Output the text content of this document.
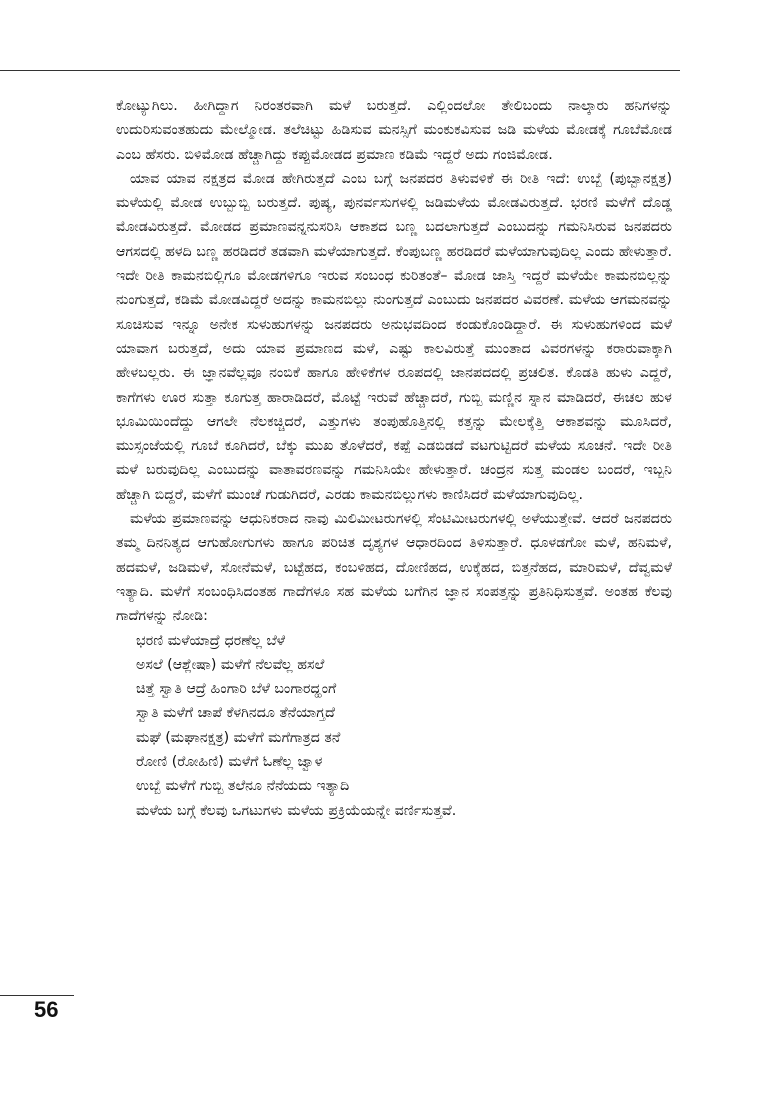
ಕೋಟ್ಯುಗಿಲು. ಹೀಗಿದ್ದಾಗ ನಿರಂತರವಾಗಿ ಮಳೆ ಬರುತ್ತದೆ. ಎಲ್ಲಿಂದಲೋ ತೇಲಿಬಂದು ನಾಲ್ಕಾರು ಹನಿಗಳನ್ನು ಉದುರಿಸುವಂತಹುದು ಮೇಲ್ಮೋಡ. ತಲೆಚಿಟ್ಟು ಹಿಡಿಸುವ ಮನಸ್ಸಿಗೆ ಮಂಕುಕವಿಸುವ ಜಡಿ ಮಳೆಯ ಮೋಡಕ್ಕೆ ಗೂಬೆಮೋಡ ಎಂಬ ಹೆಸರು. ಬಿಳಿಮೋಡ ಹೆಚ್ಚಾಗಿದ್ದು ಕಪ್ಪುಮೋಡದ ಪ್ರಮಾಣ ಕಡಿಮೆ ಇದ್ದರೆ ಅದು ಗಂಜಿಮೋಡ.

ಯಾವ ಯಾವ ನಕ್ಷತ್ರದ ಮೋಡ ಹೇಗಿರುತ್ತದೆ ಎಂಬ ಬಗ್ಗೆ ಜನಪದರ ತಿಳುವಳಿಕೆ ಈ ರೀತಿ ಇದೆ: ಉಬ್ಬೆ (ಪುಬ್ಬಾನಕ್ಷತ್ರ) ಮಳೆಯಲ್ಲಿ ಮೋಡ ಉಬ್ಬುಬ್ಬಿ ಬರುತ್ತದೆ. ಪುಷ್ಯ, ಪುನರ್ವಸುಗಳಲ್ಲಿ ಜಡಿಮಳೆಯ ಮೋಡವಿರುತ್ತದೆ. ಭರಣಿ ಮಳೆಗೆ ದೊಡ್ಡ ಮೋಡವಿರುತ್ತದೆ. ಮೋಡದ ಪ್ರಮಾಣವನ್ನನುಸರಿಸಿ ಆಕಾಶದ ಬಣ್ಣ ಬದಲಾಗುತ್ತದೆ ಎಂಬುದನ್ನು ಗಮನಿಸಿರುವ ಜನಪದರು ಆಗಸದಲ್ಲಿ ಹಳದಿ ಬಣ್ಣ ಹರಡಿದರೆ ತಡವಾಗಿ ಮಳೆಯಾಗುತ್ತದೆ. ಕೆಂಪುಬಣ್ಣ ಹರಡಿದರೆ ಮಳೆಯಾಗುವುದಿಲ್ಲ ಎಂದು ಹೇಳುತ್ತಾರೆ. ಇದೇ ರೀತಿ ಕಾಮನಬಿಲ್ಲಿಗೂ ಮೋಡಗಳಿಗೂ ಇರುವ ಸಂಬಂಧ ಕುರಿತಂತೆ– ಮೋಡ ಜಾಸ್ತಿ ಇದ್ದರೆ ಮಳೆಯೇ ಕಾಮನಬಿಲ್ಲನ್ನು ನುಂಗುತ್ತದೆ, ಕಡಿಮೆ ಮೋಡವಿದ್ದರೆ ಅದನ್ನು ಕಾಮನಬಿಲ್ಲು ನುಂಗುತ್ತದೆ ಎಂಬುದು ಜನಪದರ ವಿವರಣೆ. ಮಳೆಯ ಆಗಮನವನ್ನು ಸೂಚಿಸುವ ಇನ್ನೂ ಅನೇಕ ಸುಳುಹುಗಳನ್ನು ಜನಪದರು ಅನುಭವದಿಂದ ಕಂಡುಕೊಂಡಿದ್ದಾರೆ. ಈ ಸುಳುಹುಗಳಿಂದ ಮಳೆ ಯಾವಾಗ ಬರುತ್ತದೆ, ಅದು ಯಾವ ಪ್ರಮಾಣದ ಮಳೆ, ಎಷ್ಟು ಕಾಲವಿರುತ್ತೆ ಮುಂತಾದ ವಿವರಗಳನ್ನು ಕರಾರುವಾಕ್ಕಾಗಿ ಹೇಳಬಲ್ಲರು. ಈ ಜ್ಞಾನವೆಲ್ಲವೂ ನಂಬಿಕೆ ಹಾಗೂ ಹೇಳಿಕೆಗಳ ರೂಪದಲ್ಲಿ ಜಾನಪದದಲ್ಲಿ ಪ್ರಚಲಿತ. ಕೊಡತಿ ಹುಳು ಎದ್ದರೆ, ಕಾಗೆಗಳು ಊರ ಸುತ್ತಾ ಕೂಗುತ್ತ ಹಾರಾಡಿದರೆ, ಮೊಟ್ಟೆ ಇರುವೆ ಹೆಚ್ಚಾದರೆ, ಗುಬ್ಬಿ ಮಣ್ಣಿನ ಸ್ನಾನ ಮಾಡಿದರೆ, ಈಚಲ ಹುಳ ಭೂಮಿಯಿಂದೆದ್ದು ಆಗಲೇ ನೆಲಕಚ್ಚಿದರೆ, ಎತ್ತುಗಳು ತಂಪುಹೊತ್ತಿನಲ್ಲಿ ಕತ್ತನ್ನು ಮೇಲಕ್ಕೆತ್ತಿ ಆಕಾಶವನ್ನು ಮೂಸಿದರೆ, ಮುಸ್ಸಂಜೆಯಲ್ಲಿ ಗೂಬೆ ಕೂಗಿದರೆ, ಬೆಕ್ಕು ಮುಖ ತೊಳೆದರೆ, ಕಪ್ಪೆ ಎಡಬಿಡದೆ ವಟಗುಟ್ಟಿದರೆ ಮಳೆಯ ಸೂಚನೆ. ಇದೇ ರೀತಿ ಮಳೆ ಬರುವುದಿಲ್ಲ ಎಂಬುದನ್ನು ವಾತಾವರಣವನ್ನು ಗಮನಿಸಿಯೇ ಹೇಳುತ್ತಾರೆ. ಚಂದ್ರನ ಸುತ್ತ ಮಂಡಲ ಬಂದರೆ, ಇಬ್ಬನಿ ಹೆಚ್ಚಾಗಿ ಬಿದ್ದರೆ, ಮಳೆಗೆ ಮುಂಚೆ ಗುಡುಗಿದರೆ, ಎರಡು ಕಾಮನಬಿಲ್ಲುಗಳು ಕಾಣಿಸಿದರೆ ಮಳೆಯಾಗುವುದಿಲ್ಲ.

ಮಳೆಯ ಪ್ರಮಾಣವನ್ನು ಆಧುನಿಕರಾದ ನಾವು ಮಿಲಿಮೀಟರುಗಳಲ್ಲಿ ಸೆಂಟಿಮೀಟರುಗಳಲ್ಲಿ ಅಳೆಯುತ್ತೇವೆ. ಆದರೆ ಜನಪದರು ತಮ್ಮ ದಿನನಿತ್ಯದ ಆಗುಹೋಗುಗಳು ಹಾಗೂ ಪರಿಚಿತ ದೃಶ್ಯಗಳ ಆಧಾರದಿಂದ ತಿಳಿಸುತ್ತಾರೆ. ಧೂಳಡಗೋ ಮಳೆ, ಹನಿಮಳೆ, ಹದಮಳೆ, ಜಡಿಮಳೆ, ಸೋನೆಮಳೆ, ಬಟ್ಟೆಹದ, ಕಂಬಳಿಹದ, ದೋಣಿಹದ, ಉಕ್ಕೆಹದ, ಬಿತ್ತನೆಹದ, ಮಾರಿಮಳೆ, ದೆವ್ವಮಳೆ ಇತ್ಯಾದಿ. ಮಳೆಗೆ ಸಂಬಂಧಿಸಿದಂತಹ ಗಾದೆಗಳೂ ಸಹ ಮಳೆಯ ಬಗೆಗಿನ ಜ್ಞಾನ ಸಂಪತ್ತನ್ನು ಪ್ರತಿನಿಧಿಸುತ್ತವೆ. ಅಂತಹ ಕೆಲವು ಗಾದೆಗಳನ್ನು ನೋಡಿ:

ಭರಣಿ ಮಳೆಯಾದ್ರೆ ಧರಣೆಲ್ಲ ಬೆಳೆ
ಅಸಲೆ (ಆಶ್ಲೇಷಾ) ಮಳೆಗೆ ನೆಲವೆಲ್ಲ ಹಸಲೆ
ಚಿತ್ತೆ ಸ್ವಾತಿ ಆದ್ರೆ ಹಿಂಗಾರಿ ಬೆಳೆ ಬಂಗಾರದ್ಹಂಗೆ
ಸ್ವಾತಿ ಮಳೆಗೆ ಚಾಪೆ ಕೆಳಗಿನದೂ ತೆನೆಯಾಗ್ತದೆ
ಮಘೆ (ಮಘಾನಕ್ಷತ್ರ) ಮಳೆಗೆ ಮಗೆಗಾತ್ರದ ತನೆ
ರೋಣಿ (ರೋಹಿಣಿ) ಮಳೆಗೆ ಓಣೆಲ್ಲ ಜ್ವಾಳ
ಉಬ್ಬೆ ಮಳೆಗೆ ಗುಬ್ಬಿ ತಲೆನೂ ನೆನೆಯದು ಇತ್ಯಾದಿ

ಮಳೆಯ ಬಗ್ಗೆ ಕೆಲವು ಒಗಟುಗಳು ಮಳೆಯ ಪ್ರಕ್ರಿಯೆಯನ್ನೇ ವರ್ಣಿಸುತ್ತವೆ.

56
